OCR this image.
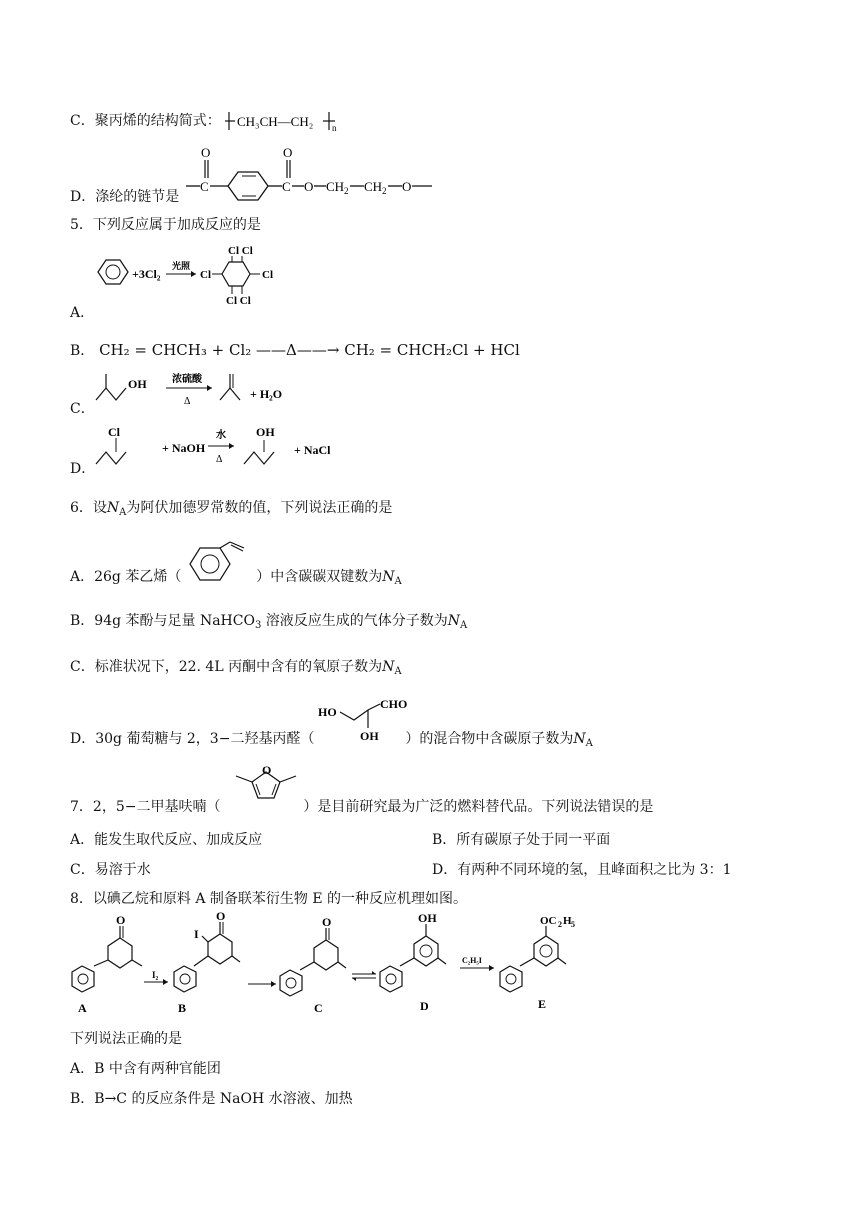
C．聚丙烯的结构简式： CH₃CH—CH₂ n
D．涤纶的链节是
C
O
C
O
O CH 2 CH 2 O
5．下列反应属于加成反应的是
A．
+3Cl₂
光照
Cl
Cl Cl
Cl
Cl Cl
B． CH₂ = CHCH₃ + Cl₂ ——Δ——→ CH₂ = CHCH₂Cl + HCl
C．
OH	浓硫酸
Δ
+ H₂O
D．
Cl
+ NaOH
水
Δ
OH
+ NaCl
6．设$N_A$为阿伏加德罗常数的值，下列说法正确的是
A．26g 苯乙烯（	）中含碳碳双键数为$N_A$
B．94g 苯酚与足量 NaHCO$_3$ 溶液反应生成的气体分子数为$N_A$
C．标准状况下，22. 4L 丙酮中含有的氧原子数为$N_A$
D．30g 葡萄糖与 2，3−二羟基丙醛（	）的混合物中含碳原子数为$N_A$
HO
CHO
OH
7．2，5−二甲基呋喃（	）是目前研究最为广泛的燃料替代品。下列说法错误的是
O
A．能发生取代反应、加成反应	B．所有碳原子处于同一平面
C．易溶于水	D．有两种不同环境的氢，且峰面积之比为 3：1
8．以碘乙烷和原料 A 制备联苯衍生物 E 的一种反应机理如图。
O
A
I₂
O
I
B
O
C
OH
D
C₂H₅I
OC 2 H 5
E
下列说法正确的是
A．B 中含有两种官能团
B．B→C 的反应条件是 NaOH 水溶液、加热
